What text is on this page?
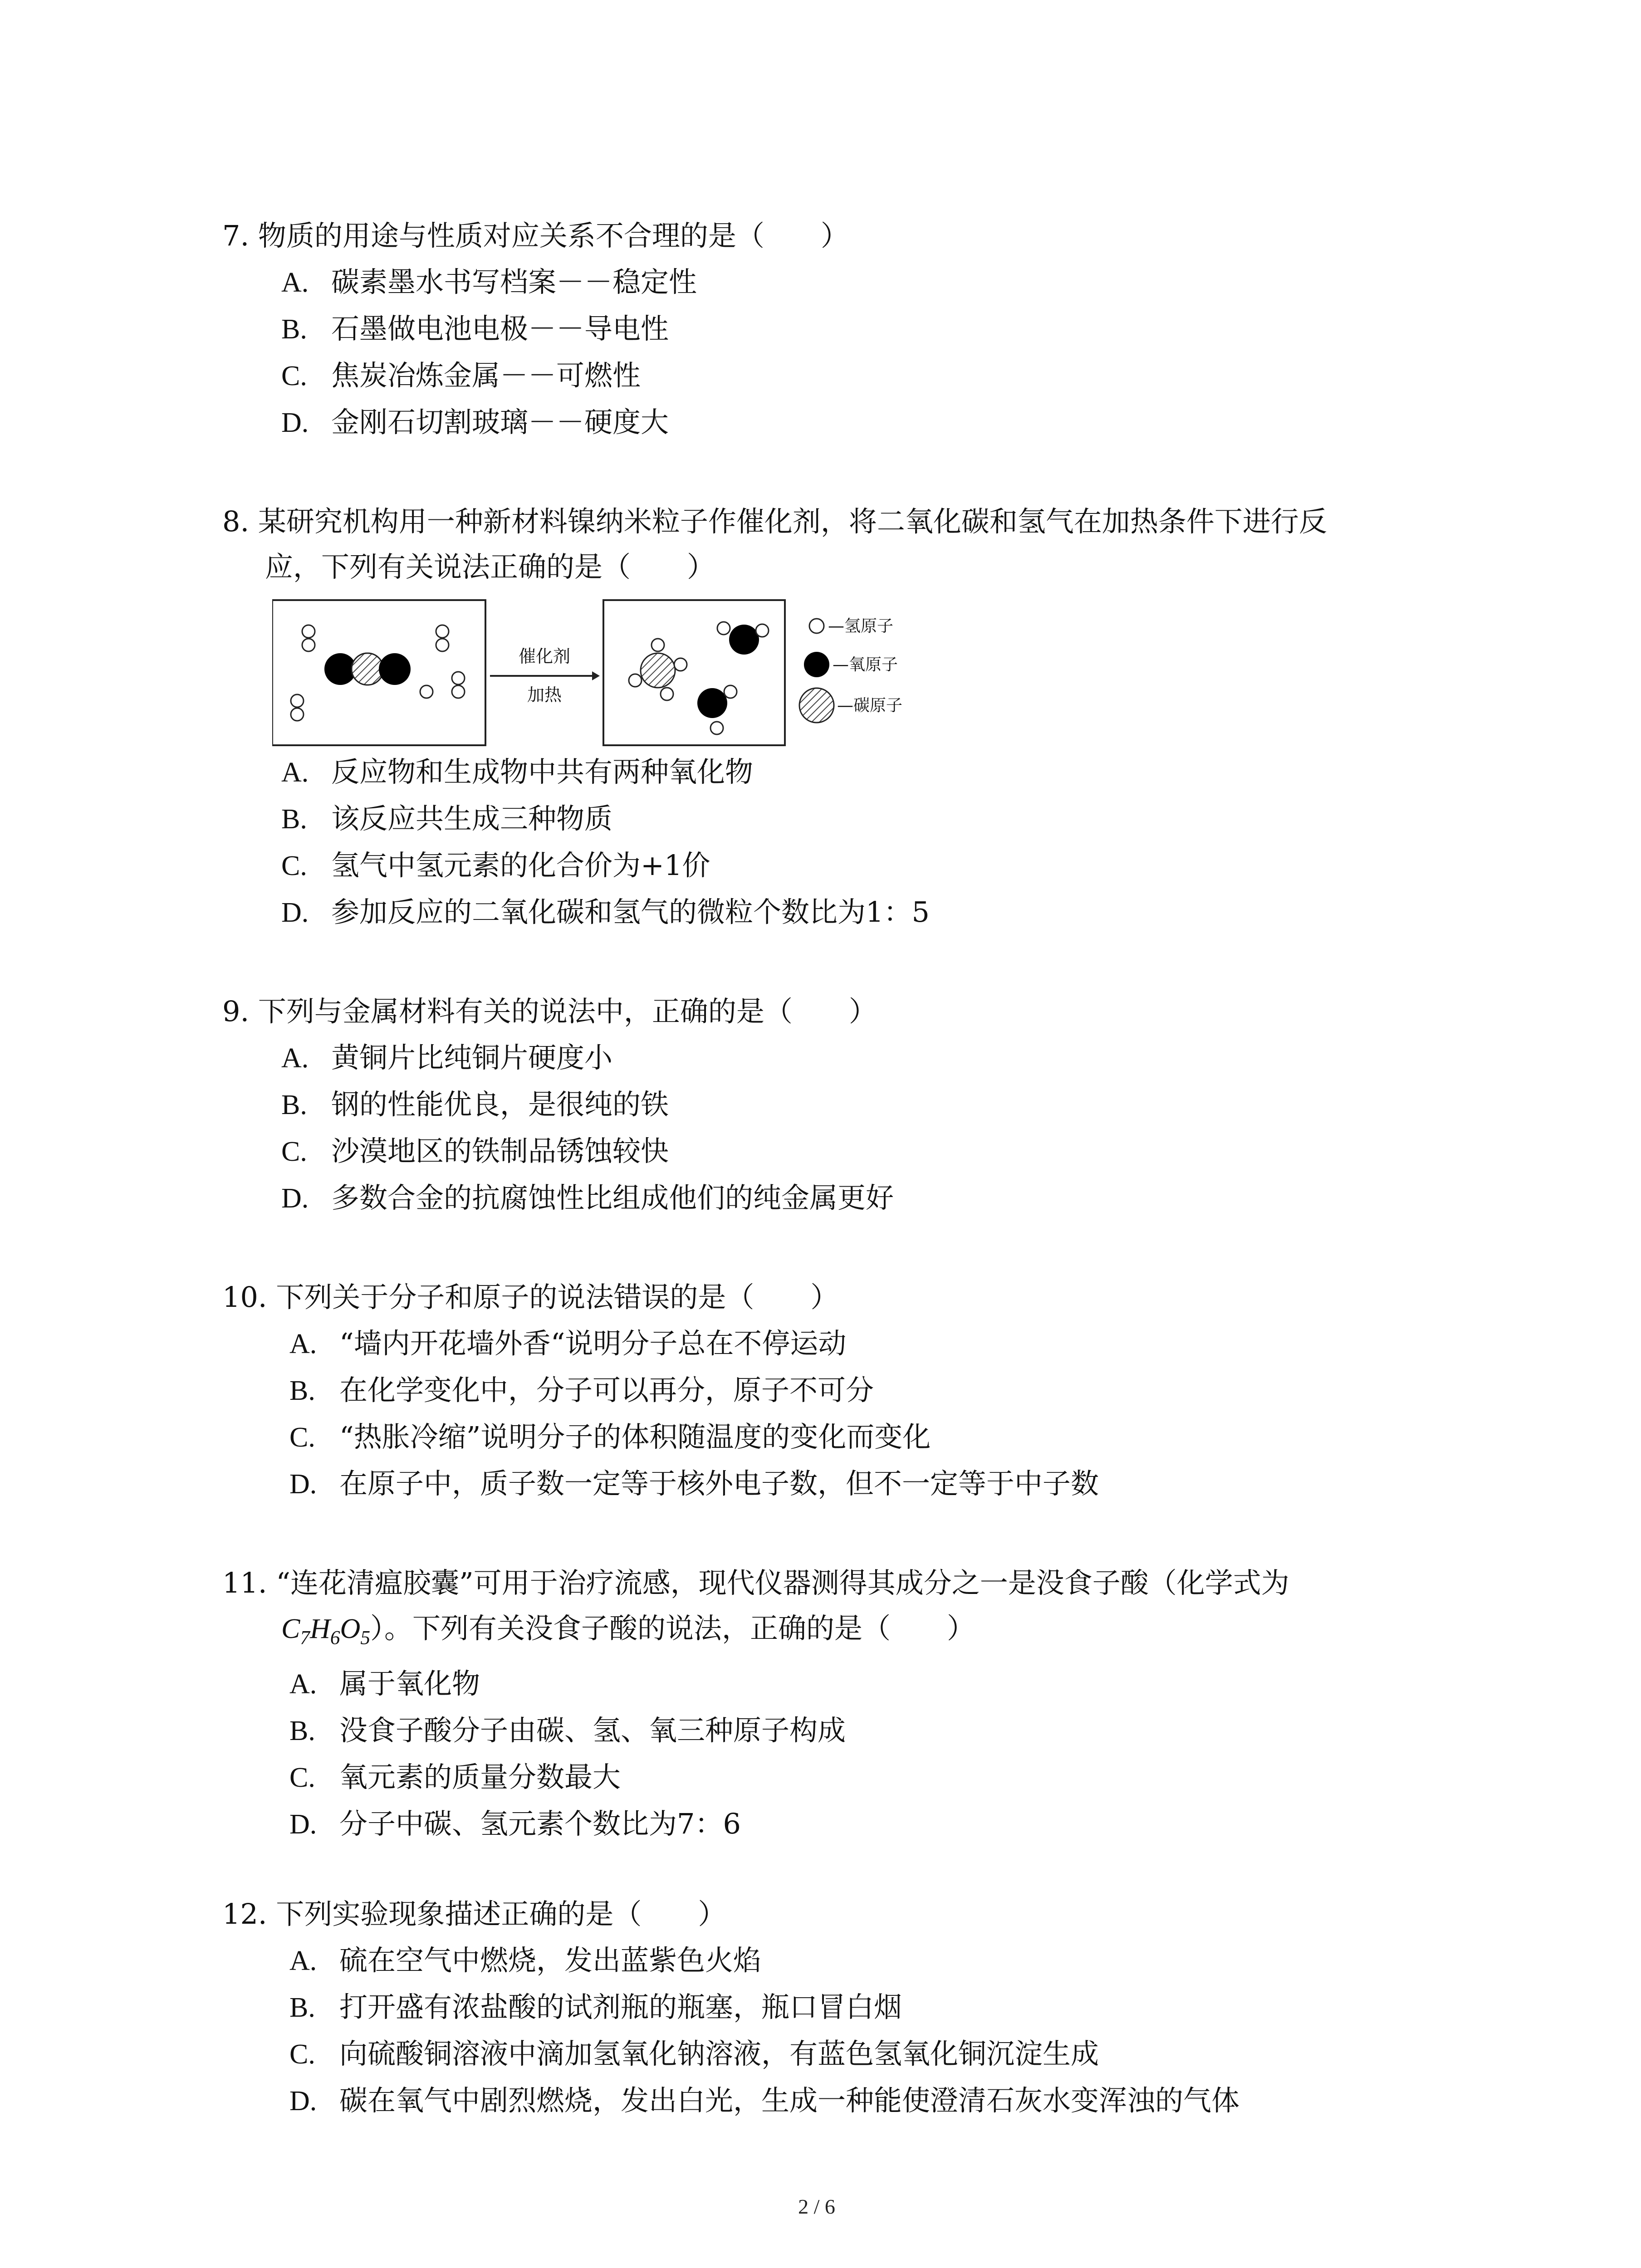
7. 物质的用途与性质对应关系不合理的是（　　）

A. 碳素墨水书写档案－－稳定性
B. 石墨做电池电极－－导电性
C. 焦炭冶炼金属－－可燃性
D. 金刚石切割玻璃－－硬度大

8. 某研究机构用一种新材料镍纳米粒子作催化剂，将二氧化碳和氢气在加热条件下进行反
应，下列有关说法正确的是（　　）

催化剂
加热
—氢原子
—氧原子
—碳原子
A. 反应物和生成物中共有两种氧化物
B. 该反应共生成三种物质
C. 氢气中氢元素的化合价为+1价
D. 参加反应的二氧化碳和氢气的微粒个数比为1：5

9. 下列与金属材料有关的说法中，正确的是（　　）

A. 黄铜片比纯铜片硬度小
B. 钢的性能优良，是很纯的铁
C. 沙漠地区的铁制品锈蚀较快
D. 多数合金的抗腐蚀性比组成他们的纯金属更好

10. 下列关于分子和原子的说法错误的是（　　）

A. “墙内开花墙外香“说明分子总在不停运动
B. 在化学变化中，分子可以再分，原子不可分
C. “热胀冷缩”说明分子的体积随温度的变化而变化
D. 在原子中，质子数一定等于核外电子数，但不一定等于中子数

11. “连花清瘟胶囊”可用于治疗流感，现代仪器测得其成分之一是没食子酸（化学式为
$C_7H_6O_5$）。下列有关没食子酸的说法，正确的是（　　）

A. 属于氧化物
B. 没食子酸分子由碳、氢、氧三种原子构成
C. 氧元素的质量分数最大
D. 分子中碳、氢元素个数比为7：6

12. 下列实验现象描述正确的是（　　）

A. 硫在空气中燃烧，发出蓝紫色火焰
B. 打开盛有浓盐酸的试剂瓶的瓶塞，瓶口冒白烟
C. 向硫酸铜溶液中滴加氢氧化钠溶液，有蓝色氢氧化铜沉淀生成
D. 碳在氧气中剧烈燃烧，发出白光，生成一种能使澄清石灰水变浑浊的气体
2 / 6
